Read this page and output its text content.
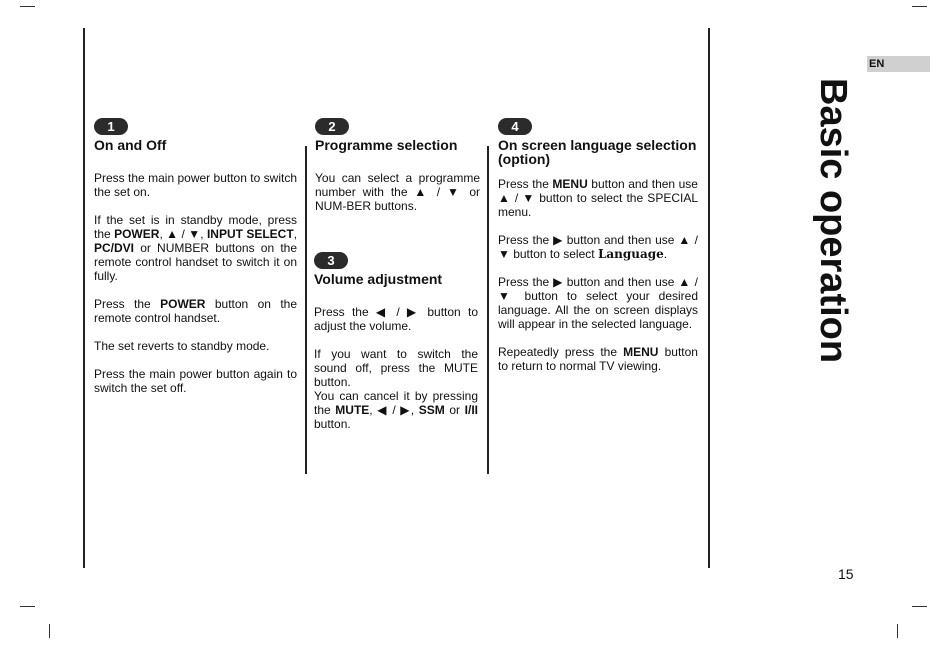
Basic operation
EN
15
1
On and Off

Press the main power button to switch the set on.

If the set is in standby mode, press the POWER, ▲ / ▼, INPUT SELECT, PC/DVI or NUMBER buttons on the remote control handset to switch it on fully.

Press the POWER button on the remote control handset.

The set reverts to standby mode.

Press the main power button again to switch the set off.

2
Programme selection

You can select a programme number with the ▲ / ▼ or NUM-BER buttons.

3
Volume adjustment

Press the ◀ / ▶ button to adjust the volume.

If you want to switch the sound off, press the MUTE button.

You can cancel it by pressing the MUTE, ◀ / ▶, SSM or I/II button.

4
On screen language selection (option)

Press the MENU button and then use ▲ / ▼ button to select the SPECIAL menu.

Press the ▶ button and then use ▲ / ▼ button to select Language.

Press the ▶ button and then use ▲ / ▼ button to select your desired language. All the on screen displays will appear in the selected language.

Repeatedly press the MENU button to return to normal TV viewing.
